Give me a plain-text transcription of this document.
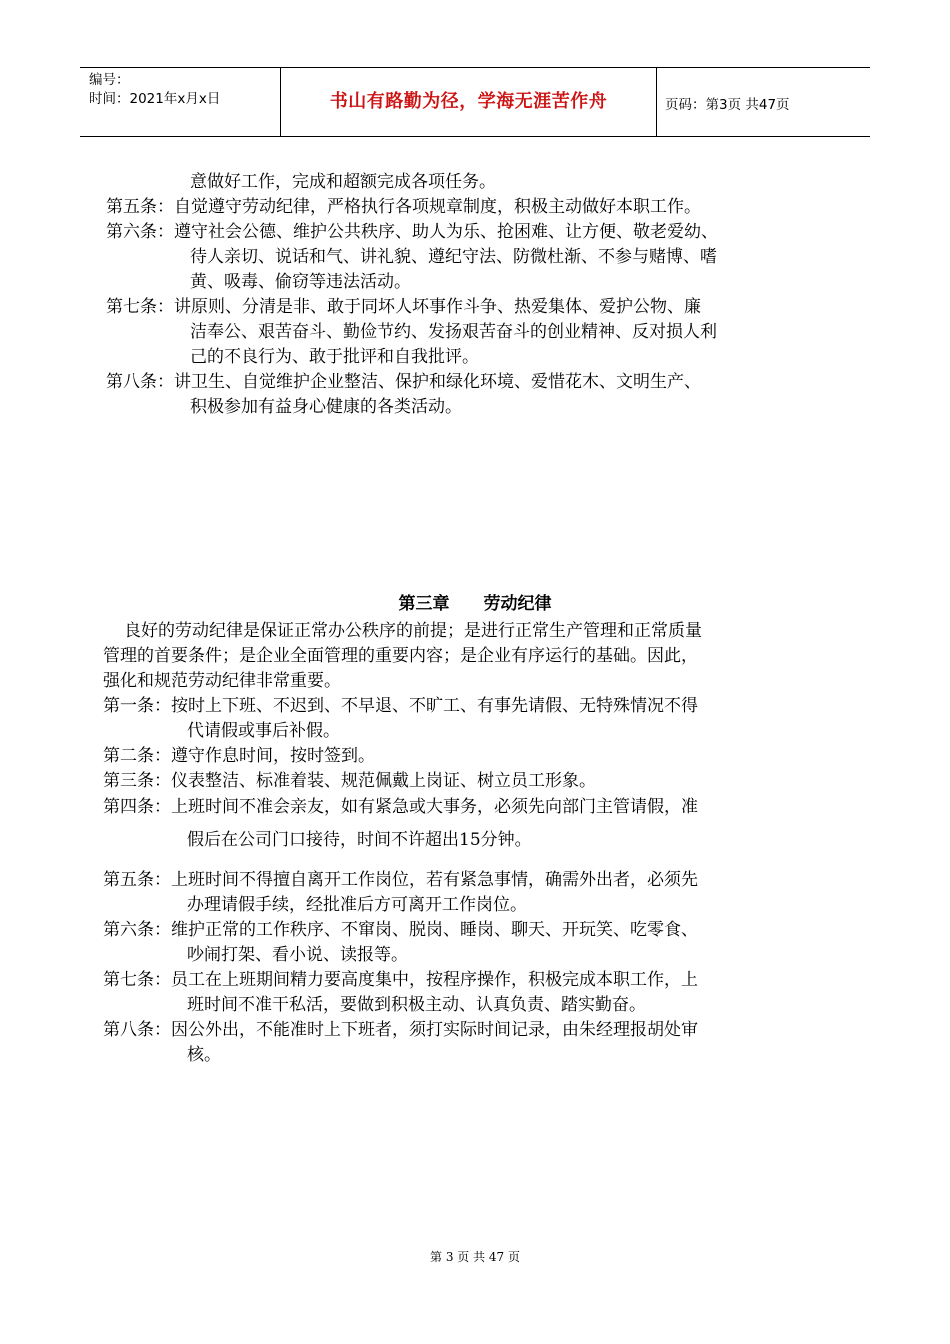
编号：
时间：2021年x月x日	书山有路勤为径，学海无涯苦作舟	页码：第3页 共47页
意做好工作，完成和超额完成各项任务。
第五条：自觉遵守劳动纪律，严格执行各项规章制度，积极主动做好本职工作。
第六条：遵守社会公德、维护公共秩序、助人为乐、抢困难、让方便、敬老爱幼、
待人亲切、说话和气、讲礼貌、遵纪守法、防微杜渐、不参与赌博、嗜
黄、吸毒、偷窃等违法活动。
第七条：讲原则、分清是非、敢于同坏人坏事作斗争、热爱集体、爱护公物、廉
洁奉公、艰苦奋斗、勤俭节约、发扬艰苦奋斗的创业精神、反对损人利
己的不良行为、敢于批评和自我批评。
第八条：讲卫生、自觉维护企业整洁、保护和绿化环境、爱惜花木、文明生产、
积极参加有益身心健康的各类活动。
第三章 劳动纪律
良好的劳动纪律是保证正常办公秩序的前提；是进行正常生产管理和正常质量
管理的首要条件；是企业全面管理的重要内容；是企业有序运行的基础。因此，
强化和规范劳动纪律非常重要。
第一条：按时上下班、不迟到、不早退、不旷工、有事先请假、无特殊情况不得
代请假或事后补假。
第二条：遵守作息时间，按时签到。
第三条：仪表整洁、标准着装、规范佩戴上岗证、树立员工形象。
第四条：上班时间不准会亲友，如有紧急或大事务，必须先向部门主管请假，准
假后在公司门口接待，时间不许超出15分钟。
第五条：上班时间不得擅自离开工作岗位，若有紧急事情，确需外出者，必须先
办理请假手续，经批准后方可离开工作岗位。
第六条：维护正常的工作秩序、不窜岗、脱岗、睡岗、聊天、开玩笑、吃零食、
吵闹打架、看小说、读报等。
第七条：员工在上班期间精力要高度集中，按程序操作，积极完成本职工作，上
班时间不准干私活，要做到积极主动、认真负责、踏实勤奋。
第八条：因公外出，不能准时上下班者，须打实际时间记录，由朱经理报胡处审
核。
第 3 页 共 47 页
